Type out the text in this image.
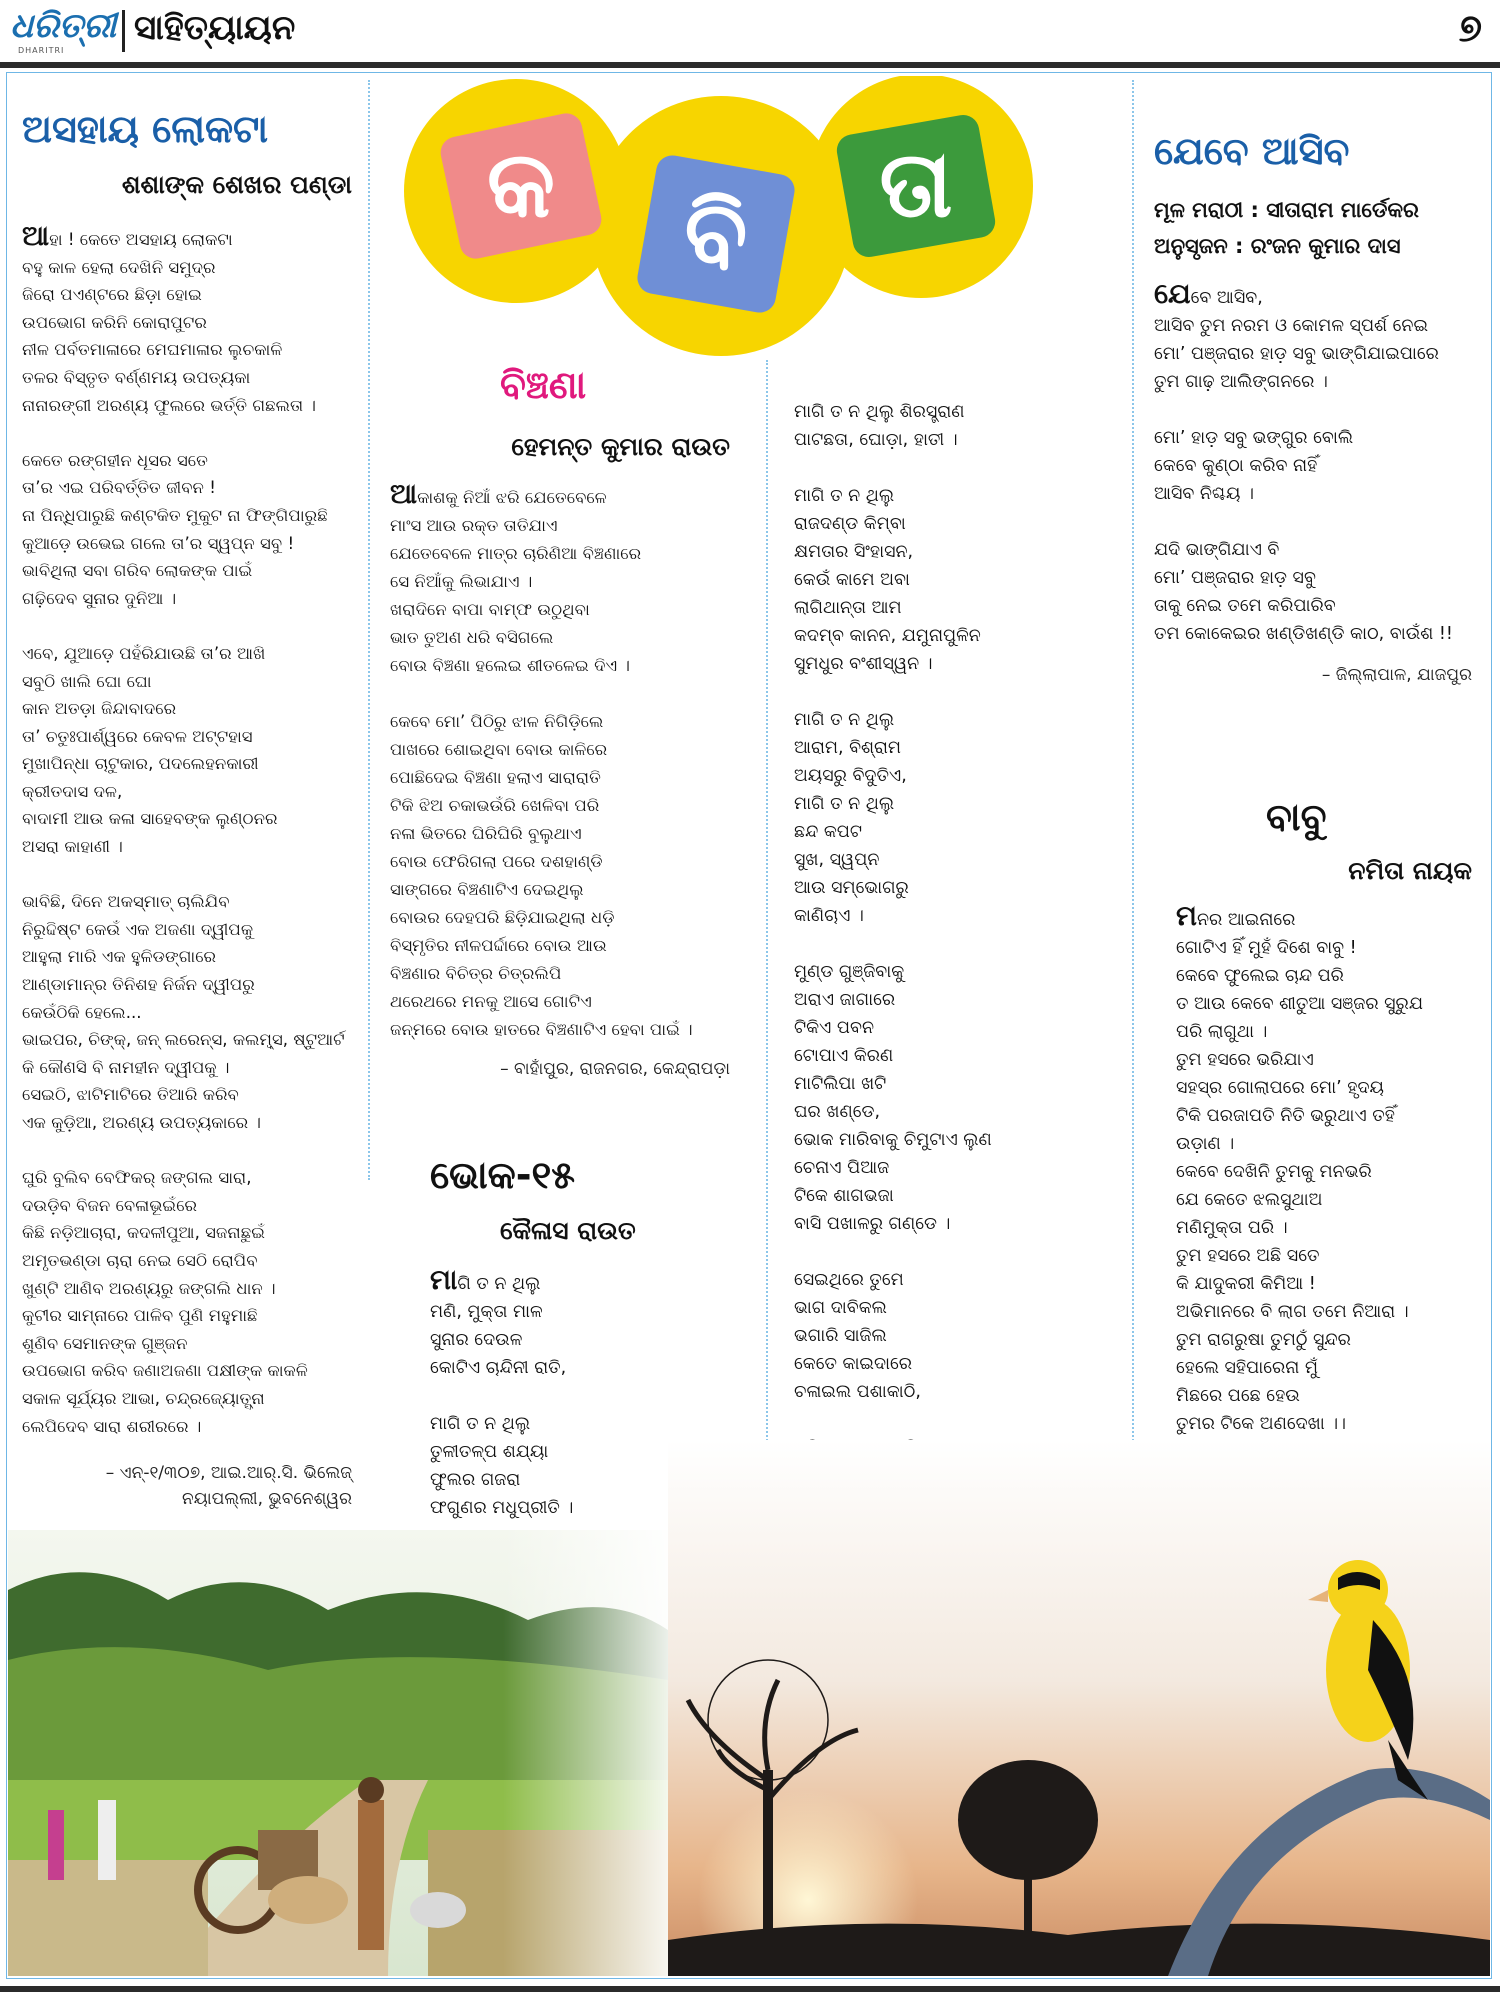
ଧରିତ୍ରୀ
DHARITRI
ସାହିତ୍ୟାୟନ	୭
କ ବି ତା
ଅସହାୟ ଲୋକଟା

ଶଶାଙ୍କ ଶେଖର ପଣ୍ଡା

ଆହା ! କେତେ ଅସହାୟ ଲୋକଟା
ବହୁ କାଳ ହେଲା ଦେଖିନି ସମୁଦ୍ର
ଜିରୋ ପଏଣ୍ଟରେ ଛିଡ଼ା ହୋଇ
ଉପଭୋଗ କରିନି କୋରାପୁଟର
ନୀଳ ପର୍ବତମାଳାରେ ମେଘମାଳାର ଲୁଚକାଳି
ତଳର ବିସ୍ତୃତ ବର୍ଣ୍ଣମୟ ଉପତ୍ୟକା
ନାନାରଙ୍ଗୀ ଅରଣ୍ୟ ଫୁଲରେ ଭର୍ତ୍ତି ଗଛଲତା ।

କେତେ ରଙ୍ଗହୀନ ଧୂସର ସତେ
ତା’ର ଏଇ ପରିବର୍ତ୍ତିତ ଜୀବନ !
ନା ପିନ୍ଧିପାରୁଛି କଣ୍ଟକିତ ମୁକୁଟ ନା ଫିଙ୍ଗିପାରୁଛି
କୁଆଡ଼େ ଉଭେଇ ଗଲେ ତା’ର ସ୍ୱପ୍ନ ସବୁ !
ଭାବିଥିଲା ସବା ଗରିବ ଲୋକଙ୍କ ପାଇଁ
ଗଢ଼ିଦେବ ସୁନାର ଦୁନିଆ ।

ଏବେ, ଯୁଆଡ଼େ ପହଁରିଯାଉଛି ତା’ର ଆଖି
ସବୁଠି ଖାଲି ଘୋ ଘୋ
କାନ ଅତଡ଼ା ଜିନ୍ଦାବାଦରେ
ତା’ ଚତୁଃପାର୍ଶ୍ୱରେ କେବଳ ଅଟ୍ଟହାସ
ମୁଖାପିନ୍ଧା ଚାଟୁକାର, ପଦଲେହନକାରୀ
କ୍ରୀତଦାସ ଦଳ,
ବାଦାମୀ ଆଉ କଳା ସାହେବଙ୍କ ଲୁଣ୍ଠନର
ଅସରା କାହାଣୀ ।

ଭାବିଛି, ଦିନେ ଅକସ୍ମାତ୍ ଚାଲିଯିବ
ନିରୁଦ୍ଦିଷ୍ଟ କେଉଁ ଏକ ଅଜଣା ଦ୍ୱୀପକୁ
ଆହୁଲା ମାରି ଏକ ହୁଳିଡଙ୍ଗାରେ
ଆଣ୍ଡାମାନ୍ର ତିନିଶହ ନିର୍ଜନ ଦ୍ୱୀପରୁ
କେଉଁଠିକି ହେଲେ...
ଭାଇପର, ଚିଙ୍କ୍, ଜନ୍ ଲରେନ୍ସ, କଲମ୍ବ୍ସ, ଷ୍ଟୁଆର୍ଟ
କି କୌଣସି ବି ନାମହୀନ ଦ୍ୱୀପକୁ ।
ସେଇଠି, ଝାଟିମାଟିରେ ତିଆରି କରିବ
ଏକ କୁଡ଼ିଆ, ଅରଣ୍ୟ ଉପତ୍ୟକାରେ ।

ଘୁରି ବୁଲିବ ବେଫିକର୍ ଜଙ୍ଗଲ ସାରା,
ଦଉଡ଼ିବ ବିଜନ ବେଳାଭୂଇଁରେ
କିଛି ନଡ଼ିଆଚାରା, କଦଳୀପୁଆ, ସଜନାଛୁଇଁ
ଅମୃତଭଣ୍ଡା ଚାରା ନେଇ ସେଠି ରୋପିବ
ଖୁଣ୍ଟି ଆଣିବ ଅରଣ୍ୟରୁ ଜଙ୍ଗଲି ଧାନ ।
କୁଟୀର ସାମ୍ନାରେ ପାଳିବ ପୁଣି ମହୁମାଛି
ଶୁଣିବ ସେମାନଙ୍କ ଗୁଞ୍ଜନ
ଉପଭୋଗ କରିବ ଜଣାଅଜଣା ପକ୍ଷୀଙ୍କ କାକଳି
ସକାଳ ସୂର୍ଯ୍ୟର ଆଭା, ଚନ୍ଦ୍ରଜ୍ୟୋତ୍ସ୍ନା
ଲେପିଦେବ ସାରା ଶରୀରରେ ।

– ଏନ୍-୧/୩୦୭, ଆଇ.ଆର୍.ସି. ଭିଲେଜ୍
ନୟାପଲ୍ଲୀ, ଭୁବନେଶ୍ୱର

ବିଞ୍ଚଣା

ହେମନ୍ତ କୁମାର ରାଉତ

ଆକାଶକୁ ନିଆଁ ଝରି ଯେତେବେଳେ
ମାଂସ ଆଉ ରକ୍ତ ତାତିଯାଏ
ଯେତେବେଳେ ମାତ୍ର ଚାରିଣିଆ ବିଞ୍ଚଣାରେ
ସେ ନିଆଁକୁ ଲିଭାଯାଏ ।
ଖରାଦିନେ ବାପା ବାମ୍ଫ ଉଠୁଥିବା
ଭାତ ତୁଅଣ ଧରି ବସିଗଲେ
ବୋଉ ବିଞ୍ଚଣା ହଲେଇ ଶୀତଳେଇ ଦିଏ ।

କେବେ ମୋ’ ପିଠିରୁ ଝାଳ ନିଗିଡ଼ିଲେ
ପାଖରେ ଶୋଇଥିବା ବୋଉ କାଳିରେ
ପୋଛିଦେଇ ବିଞ୍ଚଣା ହଲାଏ ସାରାରାତି
ଟିକି ଝିଅ ଚକାଭଉଁରି ଖେଳିବା ପରି
ନଳା ଭିତରେ ଘିରିଘିରି ବୁଲୁଥାଏ
ବୋଉ ଫେରିଗଲା ପରେ ଦଶହାଣ୍ଡି
ସାଙ୍ଗରେ ବିଞ୍ଚଣାଟିଏ ଦେଇଥିଲୁ
ବୋଉର ଦେହପରି ଛିଡ଼ିଯାଇଥିଲା ଧଡ଼ି
ବିସ୍ମୃତିର ନୀଳପର୍ଦ୍ଦାରେ ବୋଉ ଆଉ
ବିଞ୍ଚଣାର ବିଚିତ୍ର ଚିତ୍ରଲିପି
ଥରେଥରେ ମନକୁ ଆସେ ଗୋଟିଏ
ଜନ୍ମରେ ବୋଉ ହାତରେ ବିଞ୍ଚଣାଟିଏ ହେବା ପାଇଁ ।

– ବାହାଁପୁର, ରାଜନଗର, କେନ୍ଦ୍ରାପଡ଼ା

ଭୋକ-୧୫

କୈଳାସ ରାଉତ

ମାଗି ତ ନ ଥିଲୁ
ମଣି, ମୁକ୍ତା ମାଳ
ସୁନାର ଦେଉଳ
କୋଟିଏ ଚାନ୍ଦିନୀ ରାତି,

ମାଗି ତ ନ ଥିଲୁ
ତୁଳୀତଳ୍ପ ଶଯ୍ୟା
ଫୁଲର ଗଜରା
ଫଗୁଣର ମଧୁପ୍ରୀତି ।

ମାଗି ତ ନ ଥିଲୁ ଶିରସ୍ତ୍ରାଣ
ପାଟଛତା, ଘୋଡ଼ା, ହାତୀ ।

ମାଗି ତ ନ ଥିଲୁ
ରାଜଦଣ୍ଡ କିମ୍ବା
କ୍ଷମତାର ସିଂହାସନ,
କେଉଁ କାମେ ଅବା
ଲାଗିଥାନ୍ତା ଆମ
କଦମ୍ବ କାନନ, ଯମୁନାପୁଳିନ
ସୁମଧୁର ବଂଶୀସ୍ୱନ ।

ମାଗି ତ ନ ଥିଲୁ
ଆରାମ, ବିଶ୍ରାମ
ଅୟସରୁ ବିଦୁତିଏ,
ମାଗି ତ ନ ଥିଲୁ
ଛନ୍ଦ କପଟ
ସୁଖ, ସ୍ୱପ୍ନ
ଆଉ ସମ୍ଭୋଗରୁ
କାଣିଚାଏ ।

ମୁଣ୍ଡ ଗୁଞ୍ଜିବାକୁ
ଅରାଏ ଜାଗାରେ
ଟିକିଏ ପବନ
ଟୋପାଏ କିରଣ
ମାଟିଲିପା ଖଟି
ଘର ଖଣ୍ଡେ,
ଭୋକ ମାରିବାକୁ ଚିମୁଟାଏ ଲୁଣ
ଚେନାଏ ପିଆଜ
ଟିକେ ଶାଗଭଜା
ବାସି ପଖାଳରୁ ଗଣ୍ଡେ ।

ସେଇଥିରେ ତୁମେ
ଭାଗ ଦାବିକଲ
ଭଗାରି ସାଜିଲ
କେତେ କାଇଦାରେ
ଚଳାଇଲ ପଶାକାଠି,

ଯେବେ ଆସିବ

ମୂଳ ମରାଠୀ : ସୀତାରାମ ମାର୍ଡେକର

ଅନୁସୃଜନ : ରଂଜନ କୁମାର ଦାସ

ଯେବେ ଆସିବ,
ଆସିବ ତୁମ ନରମ ଓ କୋମଳ ସ୍ପର୍ଶ ନେଇ
ମୋ’ ପଞ୍ଜରାର ହାଡ଼ ସବୁ ଭାଙ୍ଗିଯାଇପାରେ
ତୁମ ଗାଢ଼ ଆଲିଙ୍ଗନରେ ।

ମୋ’ ହାଡ଼ ସବୁ ଭଙ୍ଗୁର ବୋଲି
କେବେ କୁଣ୍ଠା କରିବ ନାହିଁ
ଆସିବ ନିଶ୍ଚୟ ।

ଯଦି ଭାଙ୍ଗିଯାଏ ବି
ମୋ’ ପଞ୍ଜରାର ହାଡ଼ ସବୁ
ତାକୁ ନେଇ ତମେ କରିପାରିବ
ତମ କୋକେଇର ଖଣ୍ଡିଖଣ୍ଡି କାଠ, ବାଉଁଶ !!

– ଜିଲ୍ଲାପାଳ, ଯାଜପୁର

ବାବୁ

ନମିତା ନାୟକ

ମନର ଆଇନାରେ
ଗୋଟିଏ ହିଁ ମୁହଁ ଦିଶେ ବାବୁ !
କେବେ ଫୁଲେଇ ଚାନ୍ଦ ପରି
ତ ଆଉ କେବେ ଶୀତୁଆ ସଞ୍ଜର ସୁରୁଯ
ପରି ଲାଗୁଥା ।
ତୁମ ହସରେ ଭରିଯାଏ
ସହସ୍ର ଗୋଲାପରେ ମୋ’ ହୃଦୟ
ଟିକି ପରଜାପତି ନିତି ଭରୁଥାଏ ତହିଁ
ଉଡ଼ାଣ ।
କେବେ ଦେଖିନି ତୁମକୁ ମନଭରି
ଯେ କେତେ ଝଲସୁଥାଅ
ମଣିମୁକ୍ତା ପରି ।
ତୁମ ହସରେ ଅଛି ସତେ
କି ଯାଦୁକରୀ କିମିଆ !
ଅଭିମାନରେ ବି ଲାଗ ତମେ ନିଆରା ।
ତୁମ ରାଗରୁଷା ତୁମଠୁଁ ସୁନ୍ଦର
ହେଲେ ସହିପାରେନା ମୁଁ
ମିଛରେ ପଛେ ହେଉ
ତୁମର ଟିକେ ଅଣଦେଖା ।।
